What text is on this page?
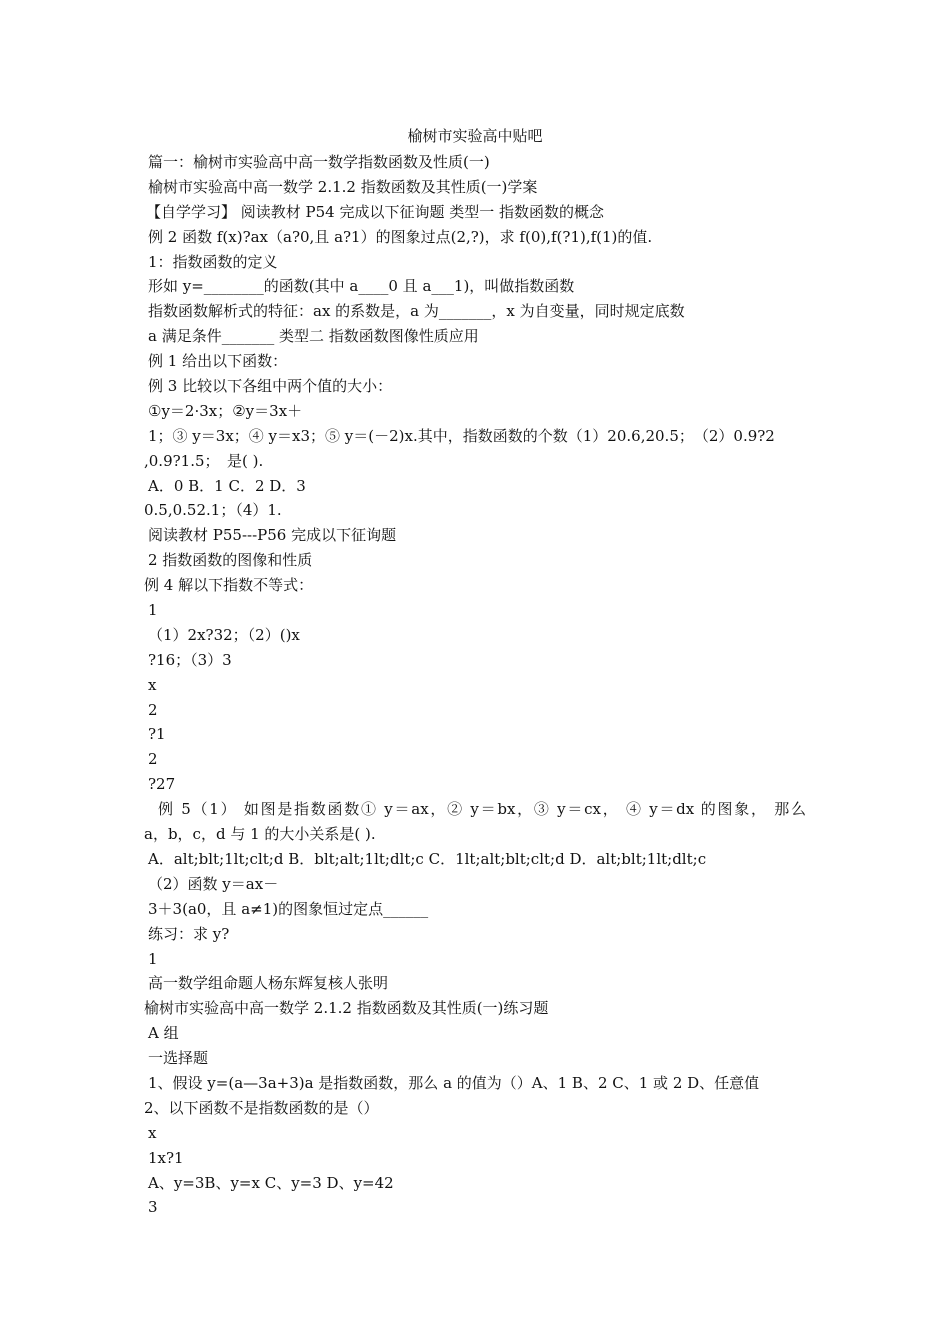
榆树市实验高中贴吧
篇一：榆树市实验高中高一数学指数函数及性质(一)
榆树市实验高中高一数学 2.1.2 指数函数及其性质(一)学案
【自学学习】 阅读教材 P54 完成以下征询题 类型一 指数函数的概念
例 2 函数 f(x)?ax（a?0,且 a?1）的图象过点(2,?)，求 f(0),f(?1),f(1)的值.
1：指数函数的定义
形如 y=________的函数(其中 a____0 且 a___1)，叫做指数函数
指数函数解析式的特征：ax 的系数是，a 为_______，x 为自变量，同时规定底数
a 满足条件_______ 类型二 指数函数图像性质应用
例 1 给出以下函数：
例 3 比较以下各组中两个值的大小：
①y＝2·3x；②y＝3x＋
1；③ y＝3x；④ y＝x3；⑤ y＝(－2)x.其中，指数函数的个数（1）20.6,20.5；　（2）0.9?2
,0.9?1.5；　是( ).
A．0 B．1 C．2 D．3
0.5,0.52.1；（4）1.
阅读教材 P55---P56 完成以下征询题
2 指数函数的图像和性质
例 4 解以下指数不等式：
1
（1）2x?32；（2）()x
?16；（3）3
x
2
?1
2
?27
例 5（1） 如图是指数函数① y＝ax，② y＝bx，③ y＝cx， ④ y＝dx 的图象， 那么
a，b，c，d 与 1 的大小关系是( ).
A．alt;blt;1lt;clt;d B．blt;alt;1lt;dlt;c C．1lt;alt;blt;clt;d D．alt;blt;1lt;dlt;c
（2）函数 y＝ax－
3＋3(a0，且 a≠1)的图象恒过定点______
练习：求 y?
1
高一数学组命题人杨东辉复核人张明
榆树市实验高中高一数学 2.1.2 指数函数及其性质(一)练习题
A 组
一选择题
1、假设 y=(a—3a+3)a 是指数函数，那么 a 的值为（）A、1 B、2 C、1 或 2 D、任意值
2、以下函数不是指数函数的是（）
x
1x?1
A、y=3B、y=x C、y=3 D、y=42
3
